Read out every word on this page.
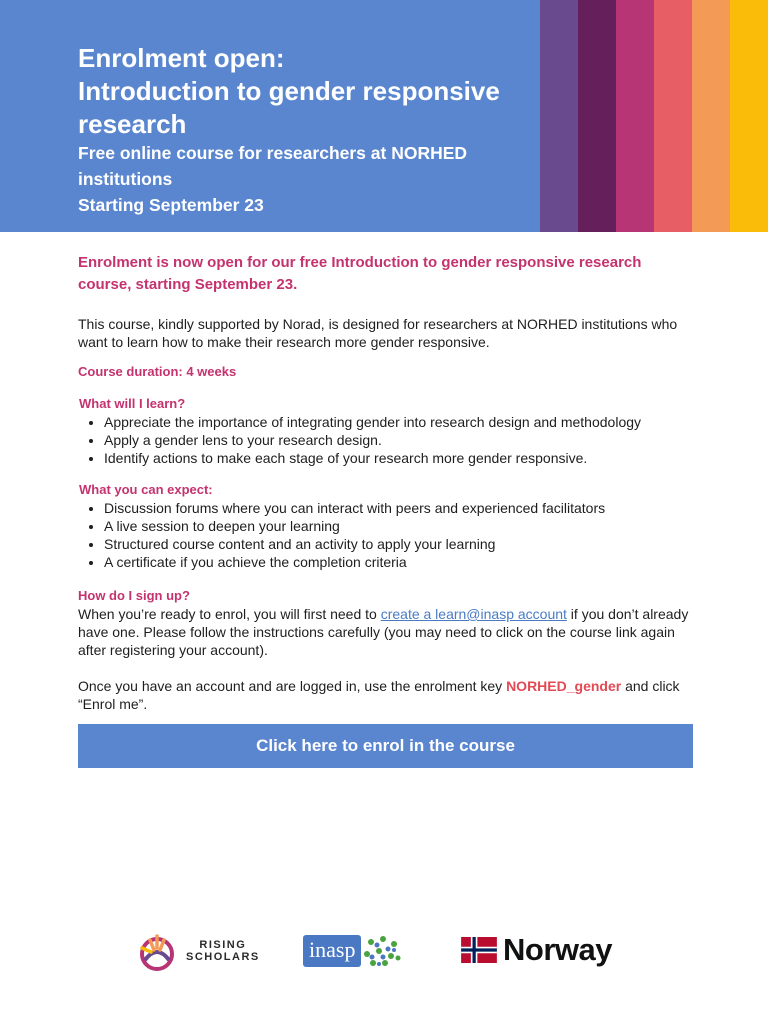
Enrolment open:
Introduction to gender responsive
research
Free online course for researchers at NORHED
institutions
Starting September 23

Enrolment is now open for our free Introduction to gender responsive research course, starting September 23.

This course, kindly supported by Norad, is designed for researchers at NORHED institutions who want to learn how to make their research more gender responsive.

Course duration: 4 weeks

What will I learn?

• Appreciate the importance of integrating gender into research design and methodology
• Apply a gender lens to your research design.
• Identify actions to make each stage of your research more gender responsive.

What you can expect:

• Discussion forums where you can interact with peers and experienced facilitators
• A live session to deepen your learning
• Structured course content and an activity to apply your learning
• A certificate if you achieve the completion criteria

How do I sign up?

When you’re ready to enrol, you will first need to create a learn@inasp account if you don’t already have one. Please follow the instructions carefully (you may need to click on the course link again after registering your account).

Once you have an account and are logged in, use the enrolment key NORHED_gender and click “Enrol me”.

Click here to enrol in the course
RISING
SCHOLARS inasp	Norway
